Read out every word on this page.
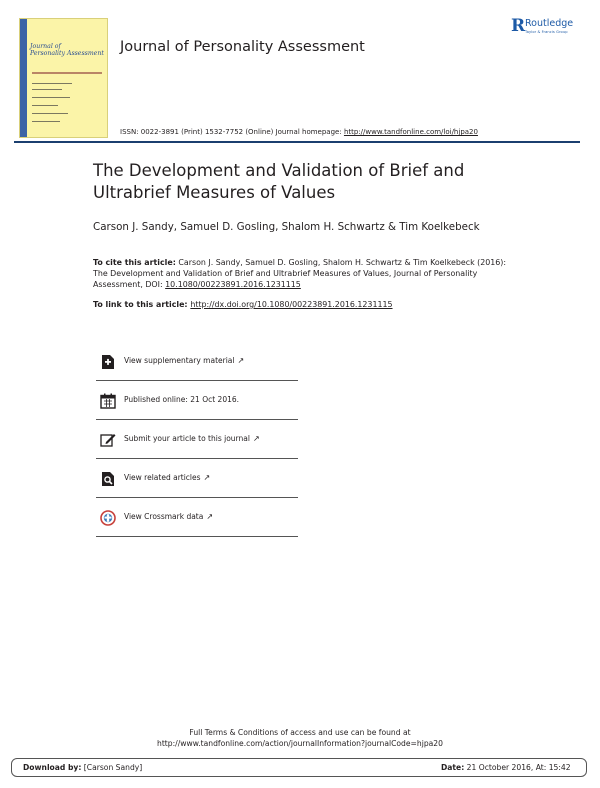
Journal of
Personality Assessment Journal of Personality Assessment
R Routledge
Taylor & Francis Group
ISSN: 0022-3891 (Print) 1532-7752 (Online) Journal homepage: http://www.tandfonline.com/loi/hjpa20
The Development and Validation of Brief and Ultrabrief Measures of Values
Carson J. Sandy, Samuel D. Gosling, Shalom H. Schwartz & Tim Koelkebeck
To cite this article: Carson J. Sandy, Samuel D. Gosling, Shalom H. Schwartz & Tim Koelkebeck (2016): The Development and Validation of Brief and Ultrabrief Measures of Values, Journal of Personality Assessment, DOI: 10.1080/00223891.2016.1231115
To link to this article: http://dx.doi.org/10.1080/00223891.2016.1231115
View supplementary material ↗
Published online: 21 Oct 2016.
Submit your article to this journal ↗
View related articles ↗
View Crossmark data ↗
Full Terms & Conditions of access and use can be found at
http://www.tandfonline.com/action/journalInformation?journalCode=hjpa20
Download by: [Carson Sandy]	Date: 21 October 2016, At: 15:42
